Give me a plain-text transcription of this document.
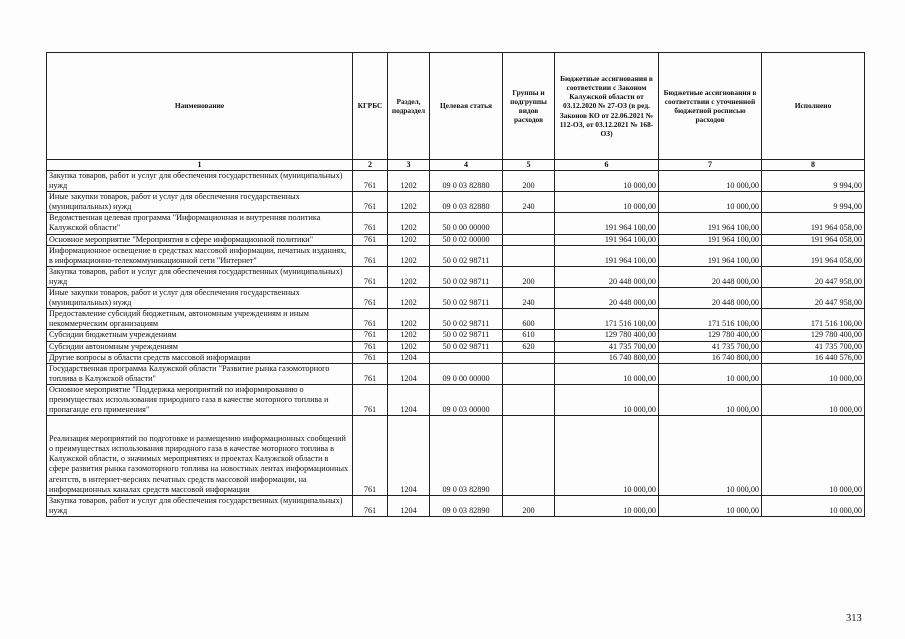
Наименование	КГРБС	Раздел, подраздел	Целевая статья	Группы и подгруппы видов расходов	Бюджетные ассигнования в соответствии с Законом Калужской области от 03.12.2020 № 27-ОЗ (в ред. Законов КО от 22.06.2021 № 112-ОЗ, от 03.12.2021 № 168-ОЗ)	Бюджетные ассигнования в соответствии с уточненной бюджетной росписью расходов	Исполнено
1	2	3	4	5	6	7	8
Закупка товаров, работ и услуг для обеспечения государственных (муниципальных) нужд	761	1202	09 0 03 82880	200	10 000,00	10 000,00	9 994,00
Иные закупки товаров, работ и услуг для обеспечения государственных (муниципальных) нужд	761	1202	09 0 03 82880	240	10 000,00	10 000,00	9 994,00
Ведомственная целевая программа "Информационная и внутренняя политика Калужской области"	761	1202	50 0 00 00000		191 964 100,00	191 964 100,00	191 964 058,00
Основное мероприятие "Мероприятия в сфере информационной политики"	761	1202	50 0 02 00000		191 964 100,00	191 964 100,00	191 964 058,00
Информационное освещение в средствах массовой информации, печатных изданиях, в информационно-телекоммуникационной сети "Интернет"	761	1202	50 0 02 98711		191 964 100,00	191 964 100,00	191 964 058,00
Закупка товаров, работ и услуг для обеспечения государственных (муниципальных) нужд	761	1202	50 0 02 98711	200	20 448 000,00	20 448 000,00	20 447 958,00
Иные закупки товаров, работ и услуг для обеспечения государственных (муниципальных) нужд	761	1202	50 0 02 98711	240	20 448 000,00	20 448 000,00	20 447 958,00
Предоставление субсидий бюджетным, автономным учреждениям и иным некоммерческим организациям	761	1202	50 0 02 98711	600	171 516 100,00	171 516 100,00	171 516 100,00
Субсидии бюджетным учреждениям	761	1202	50 0 02 98711	610	129 780 400,00	129 780 400,00	129 780 400,00
Субсидии автономным учреждениям	761	1202	50 0 02 98711	620	41 735 700,00	41 735 700,00	41 735 700,00
Другие вопросы в области средств массовой информации	761	1204			16 740 800,00	16 740 800,00	16 440 576,00
Государственная программа Калужской области "Развитие рынка газомоторного топлива в Калужской области"	761	1204	09 0 00 00000		10 000,00	10 000,00	10 000,00
Основное мероприятие "Поддержка мероприятий по информированию о преимуществах использования природного газа в качестве моторного топлива и пропаганде его применения"	761	1204	09 0 03 00000		10 000,00	10 000,00	10 000,00
Реализация мероприятий по подготовке и размещению информационных сообщений о преимуществах использования природного газа в качестве моторного топлива в Калужской области, о значимых мероприятиях и проектах Калужской области в сфере развития рынка газомоторного топлива на новостных лентах информационных агентств, в интернет-версиях печатных средств массовой информации, на информационных каналах средств массовой информации	761	1204	09 0 03 82890		10 000,00	10 000,00	10 000,00
Закупка товаров, работ и услуг для обеспечения государственных (муниципальных) нужд	761	1204	09 0 03 82890	200	10 000,00	10 000,00	10 000,00
313
